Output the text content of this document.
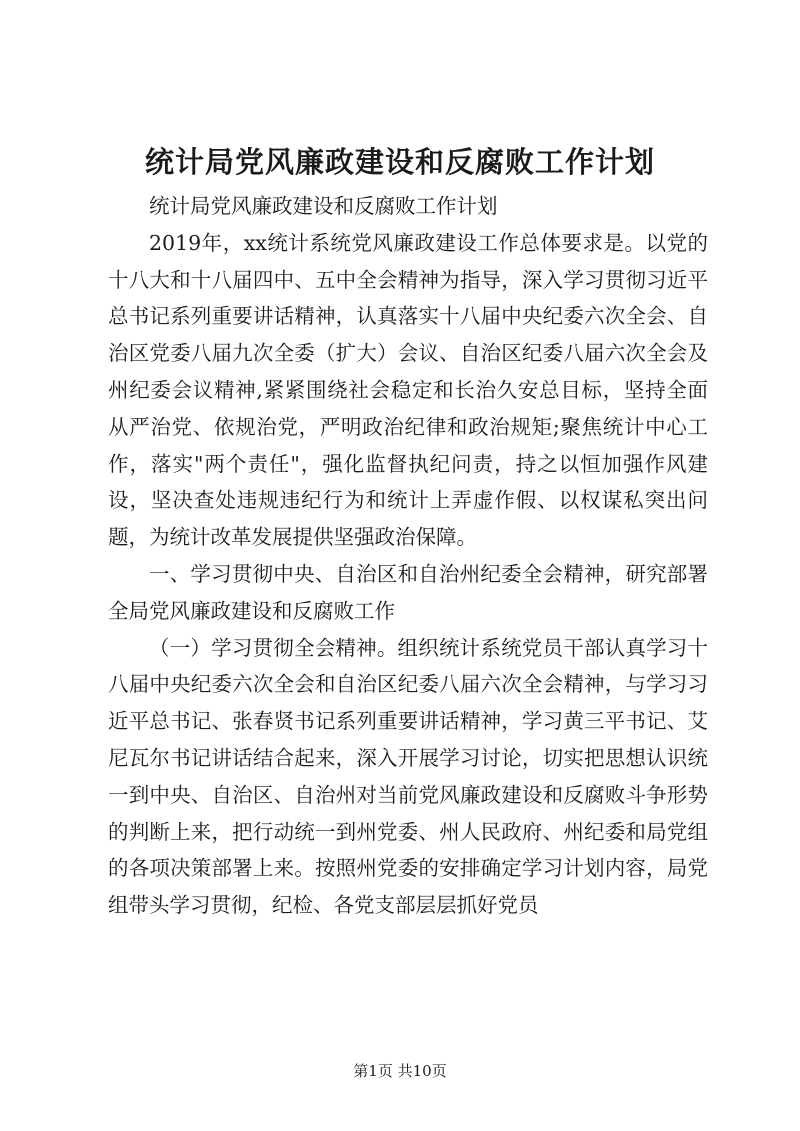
统计局党风廉政建设和反腐败工作计划

统计局党风廉政建设和反腐败工作计划

2019年，xx统计系统党风廉政建设工作总体要求是。以党的十八大和十八届四中、五中全会精神为指导，深入学习贯彻习近平总书记系列重要讲话精神，认真落实十八届中央纪委六次全会、自治区党委八届九次全委（扩大）会议、自治区纪委八届六次全会及州纪委会议精神,紧紧围绕社会稳定和长治久安总目标，坚持全面从严治党、依规治党，严明政治纪律和政治规矩;聚焦统计中心工作，落实"两个责任"，强化监督执纪问责，持之以恒加强作风建设，坚决查处违规违纪行为和统计上弄虚作假、以权谋私突出问题，为统计改革发展提供坚强政治保障。

一、学习贯彻中央、自治区和自治州纪委全会精神，研究部署全局党风廉政建设和反腐败工作

（一）学习贯彻全会精神。组织统计系统党员干部认真学习十八届中央纪委六次全会和自治区纪委八届六次全会精神，与学习习近平总书记、张春贤书记系列重要讲话精神，学习黄三平书记、艾尼瓦尔书记讲话结合起来，深入开展学习讨论，切实把思想认识统一到中央、自治区、自治州对当前党风廉政建设和反腐败斗争形势的判断上来，把行动统一到州党委、州人民政府、州纪委和局党组的各项决策部署上来。按照州党委的安排确定学习计划内容，局党组带头学习贯彻，纪检、各党支部层层抓好党员

第1页 共10页
